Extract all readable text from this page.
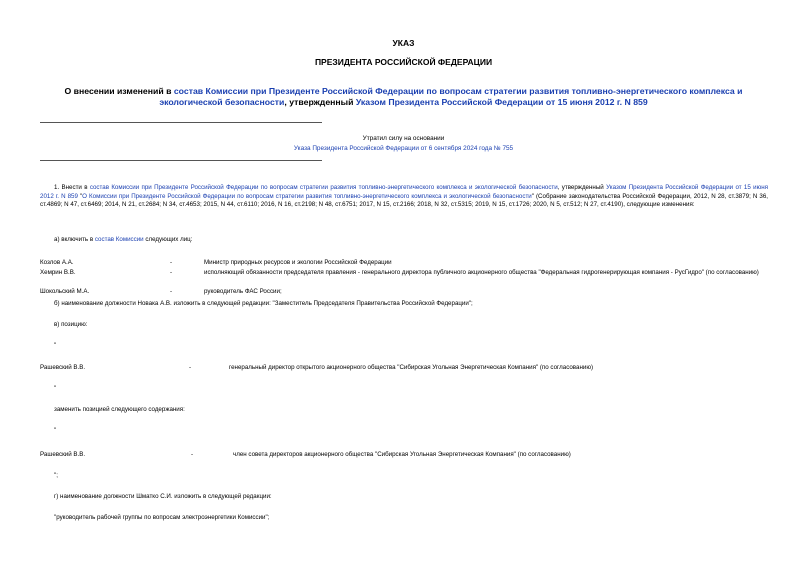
УКАЗ
ПРЕЗИДЕНТА РОССИЙСКОЙ ФЕДЕРАЦИИ
О внесении изменений в состав Комиссии при Президенте Российской Федерации по вопросам стратегии развития топливно-энергетического комплекса и экологической безопасности, утвержденный Указом Президента Российской Федерации от 15 июня 2012 г. N 859
Утратил силу на основании
Указа Президента Российской Федерации от 6 сентября 2024 года № 755
1. Внести в состав Комиссии при Президенте Российской Федерации по вопросам стратегии развития топливно-энергетического комплекса и экологической безопасности, утвержденный Указом Президента Российской Федерации от 15 июня 2012 г. N 859 "О Комиссии при Президенте Российской Федерации по вопросам стратегии развития топливно-энергетического комплекса и экологической безопасности" (Собрание законодательства Российской Федерации, 2012, N 28, ст.3879; N 36, ст.4869; N 47, ст.6469; 2014, N 21, ст.2684; N 34, ст.4653; 2015, N 44, ст.6110; 2016, N 16, ст.2198; N 48, ст.6751; 2017, N 15, ст.2166; 2018, N 32, ст.5315; 2019, N 15, ст.1726; 2020, N 5, ст.512; N 27, ст.4190), следующие изменения:
а) включить в состав Комиссии следующих лиц:
Козлов А.А.	-	Министр природных ресурсов и экологии Российской Федерации
Хемрин В.В.	-	исполняющий обязанности председателя правления - генерального директора публичного акционерного общества "Федеральная гидрогенерирующая компания - РусГидро" (по согласованию)
Шокольский М.А.	-	руководитель ФАС России;
б) наименование должности Новака А.В. изложить в следующей редакции: "Заместитель Председателя Правительства Российской Федерации";
в) позицию:
"
Рашевский В.В.	-	генеральный директор открытого акционерного общества "Сибирская Угольная Энергетическая Компания" (по согласованию)
"
заменить позицией следующего содержания:
"
Рашевский В.В.	-	член совета директоров акционерного общества "Сибирская Угольная Энергетическая Компания" (по согласованию)
";
г) наименование должности Шматко С.И. изложить в следующей редакции:
"руководитель рабочей группы по вопросам электроэнергетики Комиссии";
